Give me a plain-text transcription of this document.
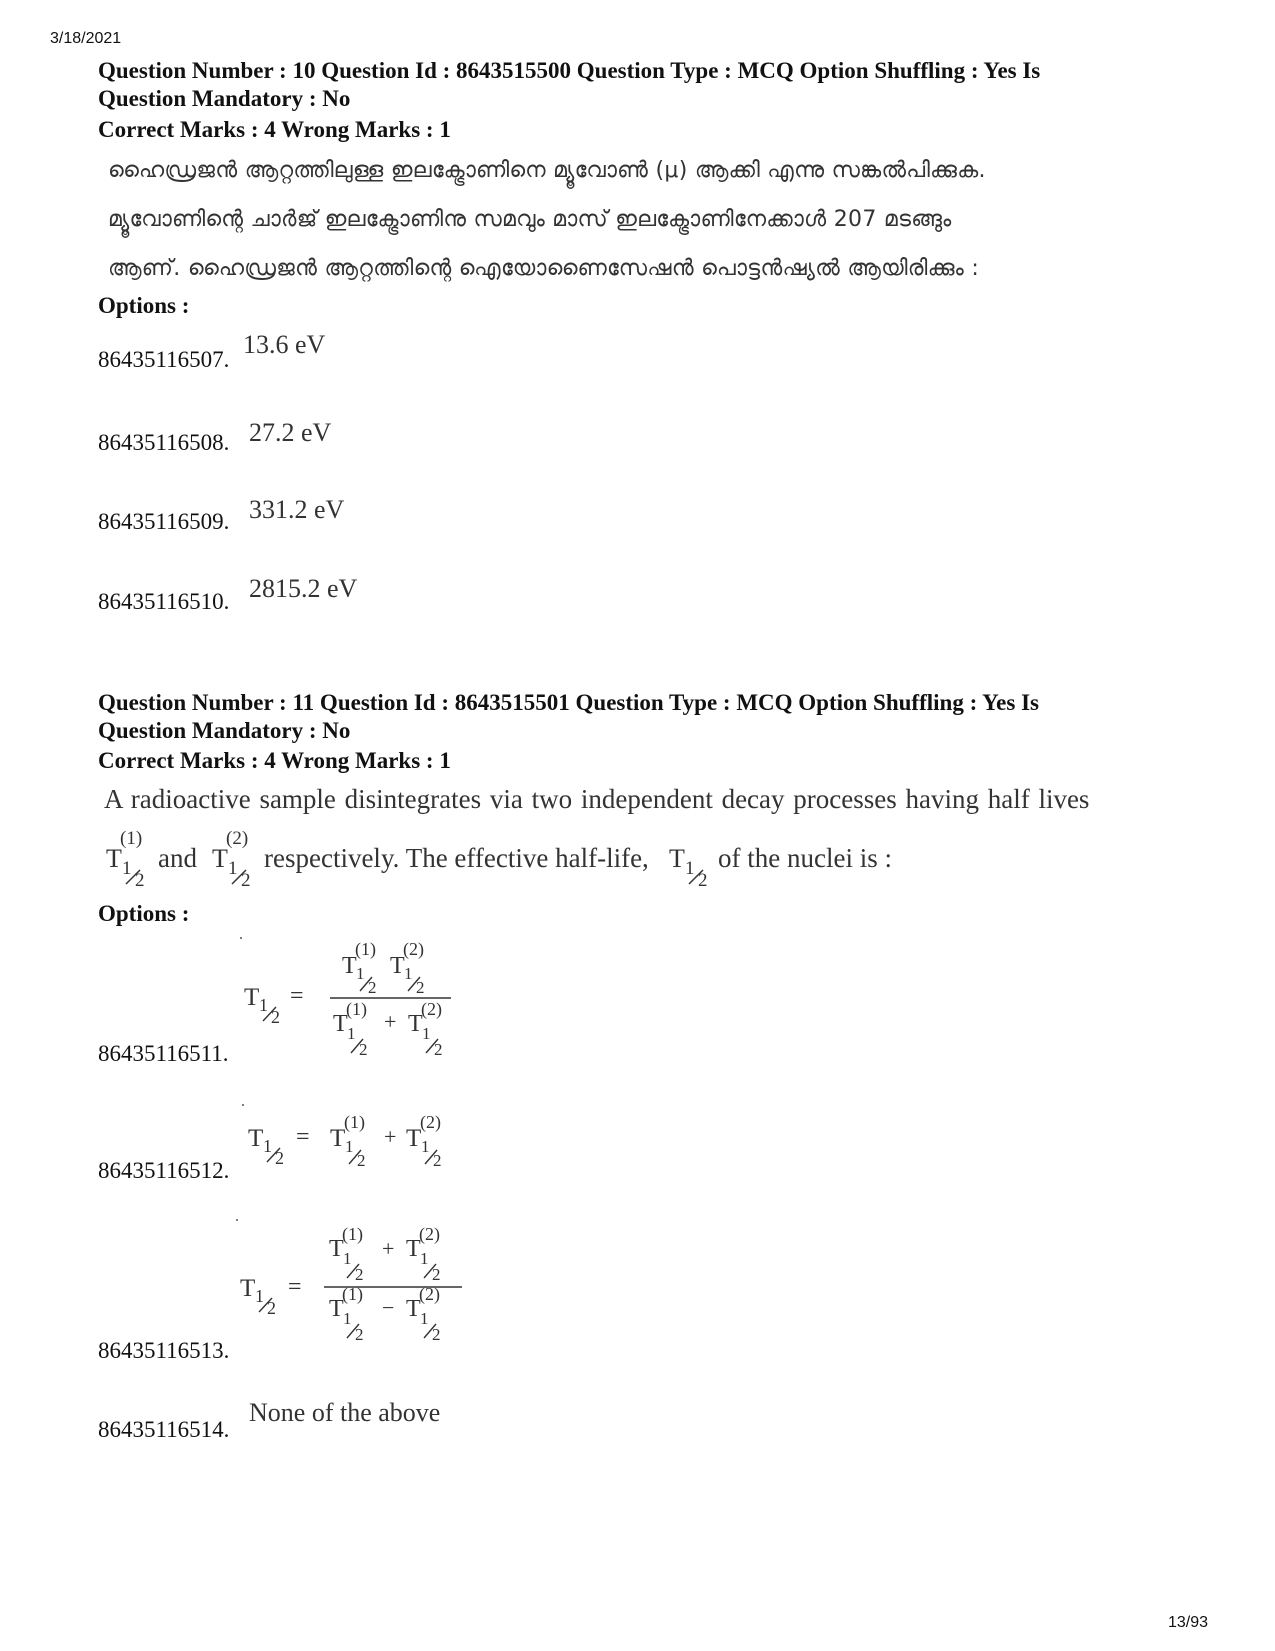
3/18/2021
Question Number : 10 Question Id : 8643515500 Question Type : MCQ Option Shuffling : Yes Is
Question Mandatory : No
Correct Marks : 4 Wrong Marks : 1
ഹൈഡ്രജൻ ആറ്റത്തിലുള്ള ഇലക്ട്രോണിനെ മ്യൂവോൺ (μ) ആക്കി എന്നു സങ്കൽപിക്കുക.
മ്യൂവോണിന്റെ ചാർജ് ഇലക്ട്രോണിനു സമവും മാസ് ഇലക്ട്രോണിനേക്കാൾ 207 മടങ്ങും
ആണ്. ഹൈഡ്രജൻ ആറ്റത്തിന്റെ ഐയോണൈസേഷൻ പൊട്ടൻഷ്യൽ ആയിരിക്കും :
Options :
86435116507.
13.6 eV
86435116508. 27.2 eV
86435116509. 331.2 eV
86435116510. 2815.2 eV
Question Number : 11 Question Id : 8643515501 Question Type : MCQ Option Shuffling : Yes Is
Question Mandatory : No
Correct Marks : 4 Wrong Marks : 1
A radioactive sample disintegrates via two independent decay processes having half lives
T
(1)
1
2
and T
(2)
1
2
respectively. The effective half-life, T 1
2
of the nuclei is :
Options :
86435116511.
T 1
2
=
T
(1)
1
2
T
(2)
1
2
T
(1)
1
2
+ T
(2)
1
2
86435116512.
T 1
2
= T
(1)
1
2
+ T
(2)
1
2
86435116513.
T 1
2
=
T
(1)
1
2
+ T
(2)
1
2
T
(1)
1
2
− T
(2)
1
2
86435116514.
None of the above
13/93
